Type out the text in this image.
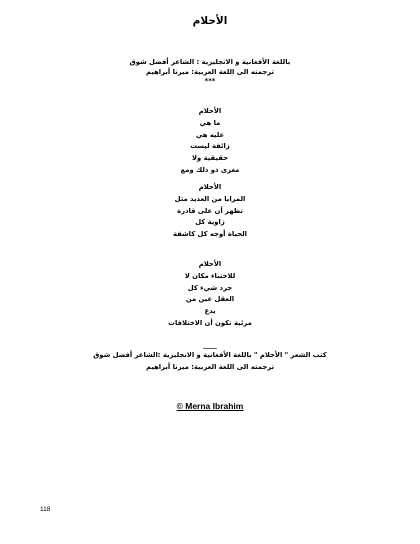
الأحلام
باللغة الأفغانية و الانجليزية : الشاعر أفضل شوق
ترجمته الى اللغة العربية: ميرنا أبراهيم
***
الأحلام
ما هي
عليه هي
زائفة ليست
حقيقية ولا
مغزى ذو ذلك ومع
الأحلام
المرايا من العديد مثل
تظهر أن على قادرة
زاوية كل
الحياة أوجه كل كاشفة
الأحلام
للاختباء مكان لا
جرد شيء كل
العقل عين من
يدع
مرئية تكون أن الاختلافات
____
كتب الشعر " الأحلام " باللغة الأفغانية و الانجليزية :الشاعر أفضل شوق
ترجمته الى اللغة العربية: ميرنا أبراهيم
© Merna Ibrahim
118
